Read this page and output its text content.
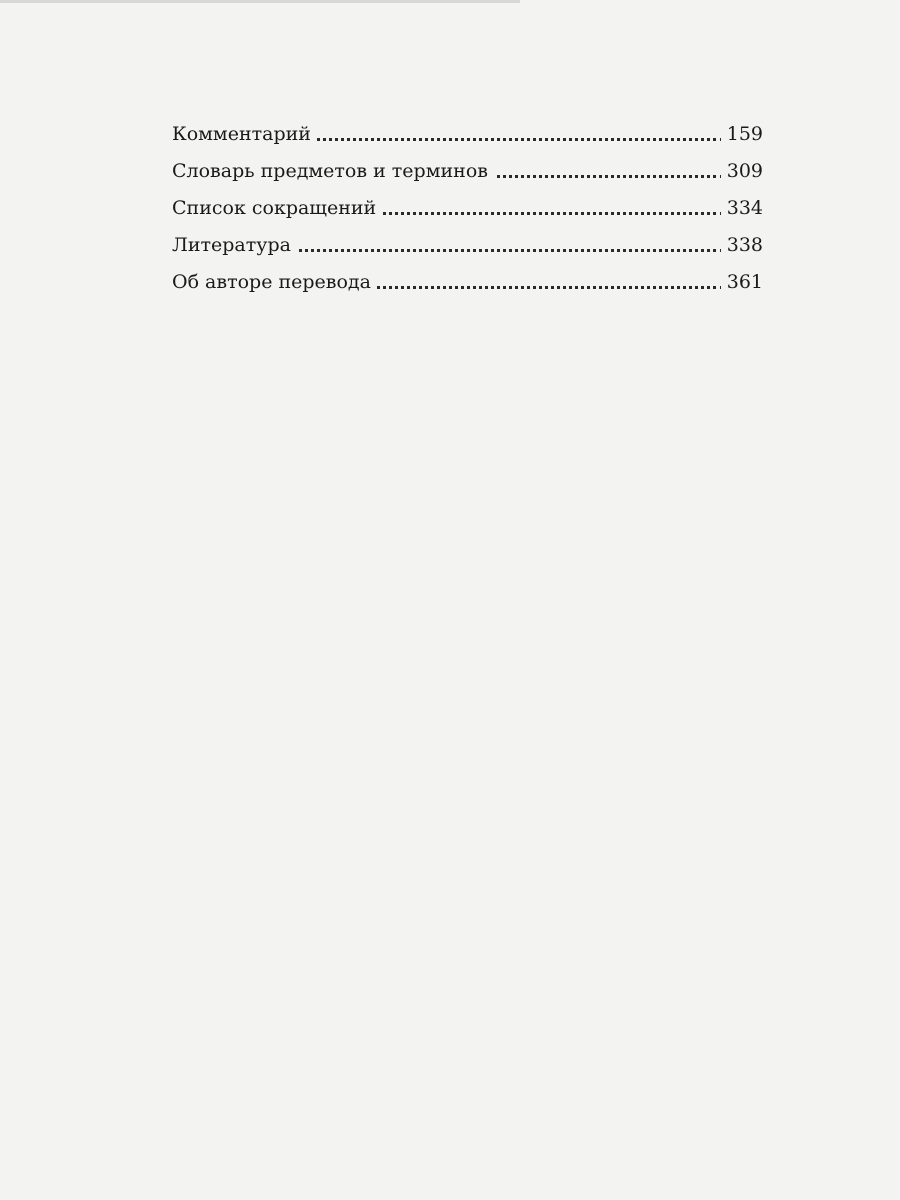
Комментарий	159
Словарь предметов и терминов	309
Список сокращений	334
Литература	338
Об авторе перевода	361
